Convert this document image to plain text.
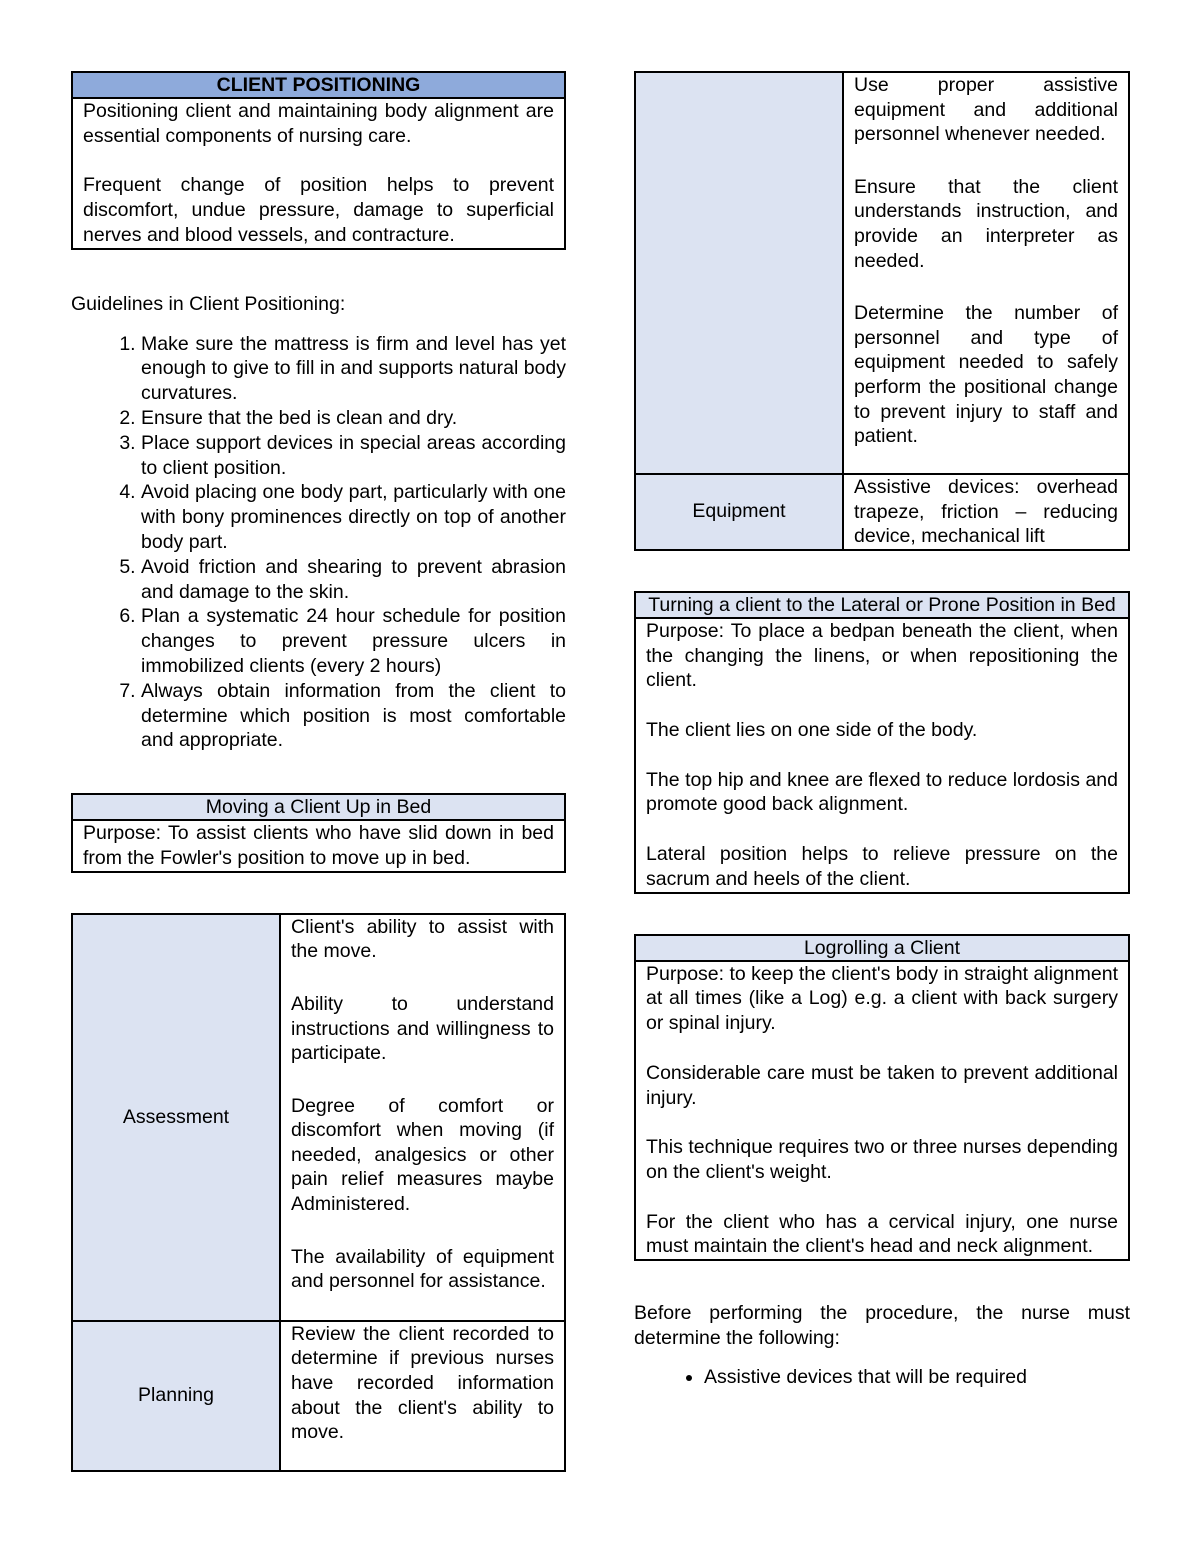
CLIENT POSITIONING

Positioning client and maintaining body alignment are essential components of nursing care.

Frequent change of position helps to prevent discomfort, undue pressure, damage to superficial nerves and blood vessels, and contracture.

Guidelines in Client Positioning:
1. Make sure the mattress is firm and level has yet enough to give to fill in and supports natural body curvatures.
2. Ensure that the bed is clean and dry.
3. Place support devices in special areas according to client position.
4. Avoid placing one body part, particularly with one with bony prominences directly on top of another body part.
5. Avoid friction and shearing to prevent abrasion and damage to the skin.
6. Plan a systematic 24 hour schedule for position changes to prevent pressure ulcers in immobilized clients (every 2 hours)
7. Always obtain information from the client to determine which position is most comfortable and appropriate.
Moving a Client Up in Bed
Purpose: To assist clients who have slid down in bed from the Fowler's position to move up in bed.
Assessment	Client's ability to assist with the move.

Ability to understand instructions and willingness to participate.

Degree of comfort or discomfort when moving (if needed, analgesics or other pain relief measures maybe Administered.

The availability of equipment and personnel for assistance.

Planning	Review the client recorded to determine if previous nurses have recorded information about the client's ability to move.

	Use proper assistive equipment and additional personnel whenever needed.

Ensure that the client understands instruction, and provide an interpreter as needed.

Determine the number of personnel and type of equipment needed to safely perform the positional change to prevent injury to staff and patient.

Equipment	Assistive devices: overhead trapeze, friction – reducing device, mechanical lift

Turning a client to the Lateral or Prone Position in Bed

Purpose: To place a bedpan beneath the client, when the changing the linens, or when repositioning the client.

The client lies on one side of the body.

The top hip and knee are flexed to reduce lordosis and promote good back alignment.

Lateral position helps to relieve pressure on the sacrum and heels of the client.

Logrolling a Client

Purpose: to keep the client's body in straight alignment at all times (like a Log) e.g. a client with back surgery or spinal injury.

Considerable care must be taken to prevent additional injury.

This technique requires two or three nurses depending on the client's weight.

For the client who has a cervical injury, one nurse must maintain the client's head and neck alignment.

Before performing the procedure, the nurse must determine the following:
• Assistive devices that will be required
